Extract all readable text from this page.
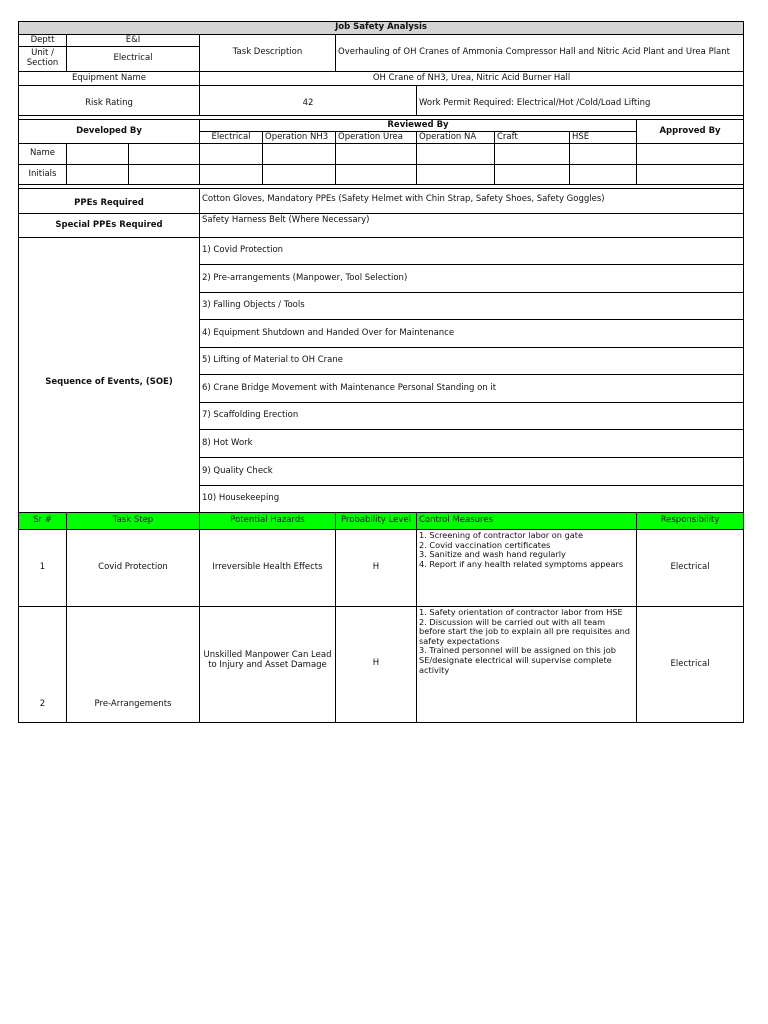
Job Safety Analysis									
Deptt	E&I		Task Description		Overhauling of OH Cranes of Ammonia Compressor Hall and Nitric Acid Plant and Urea Plant				
Unit / Section	Electrical								
Equipment Name			OH Crane of NH3, Urea, Nitric Acid Burner Hall						
Risk Rating			42			Work Permit Required: Electrical/Hot /Cold/Load Lifting			

Developed By			Reviewed By						Approved By
			Electrical	Operation NH3	Operation Urea	Operation NA	Craft	HSE	
Name									
Initials									

PPEs Required			Cotton Gloves, Mandatory PPEs (Safety Helmet with Chin Strap, Safety Shoes, Safety Goggles)						
Special PPEs Required			Safety Harness Belt (Where Necessary)						
Sequence of Events, (SOE)			1) Covid Protection						
			2) Pre-arrangements (Manpower, Tool Selection)						
			3) Falling Objects / Tools						
			4) Equipment Shutdown and Handed Over for Maintenance						
			5) Lifting of Material to OH Crane						
			6) Crane Bridge Movement with Maintenance Personal Standing on it						
			7) Scaffolding Erection						
			8) Hot Work						
			9) Quality Check						
			10) Housekeeping						
Sr #	Task Step		Potential Hazards		Probability Level	Control Measures			Responsibility
1	Covid Protection		Irreversible Health Effects		H	1. Screening of contractor labor on gate
2. Covid vaccination certificates
3. Sanitize and wash hand regularly
4. Report if any health related symptoms appears			Electrical
2	Pre-Arrangements		Unskilled Manpower Can Lead to Injury and Asset Damage		H	1. Safety orientation of contractor labor from HSE
2. Discussion will be carried out with all team before start the job to explain all pre requisites and safety expectations
3. Trained personnel will be assigned on this job SE/designate electrical will supervise complete activity			Electrical
